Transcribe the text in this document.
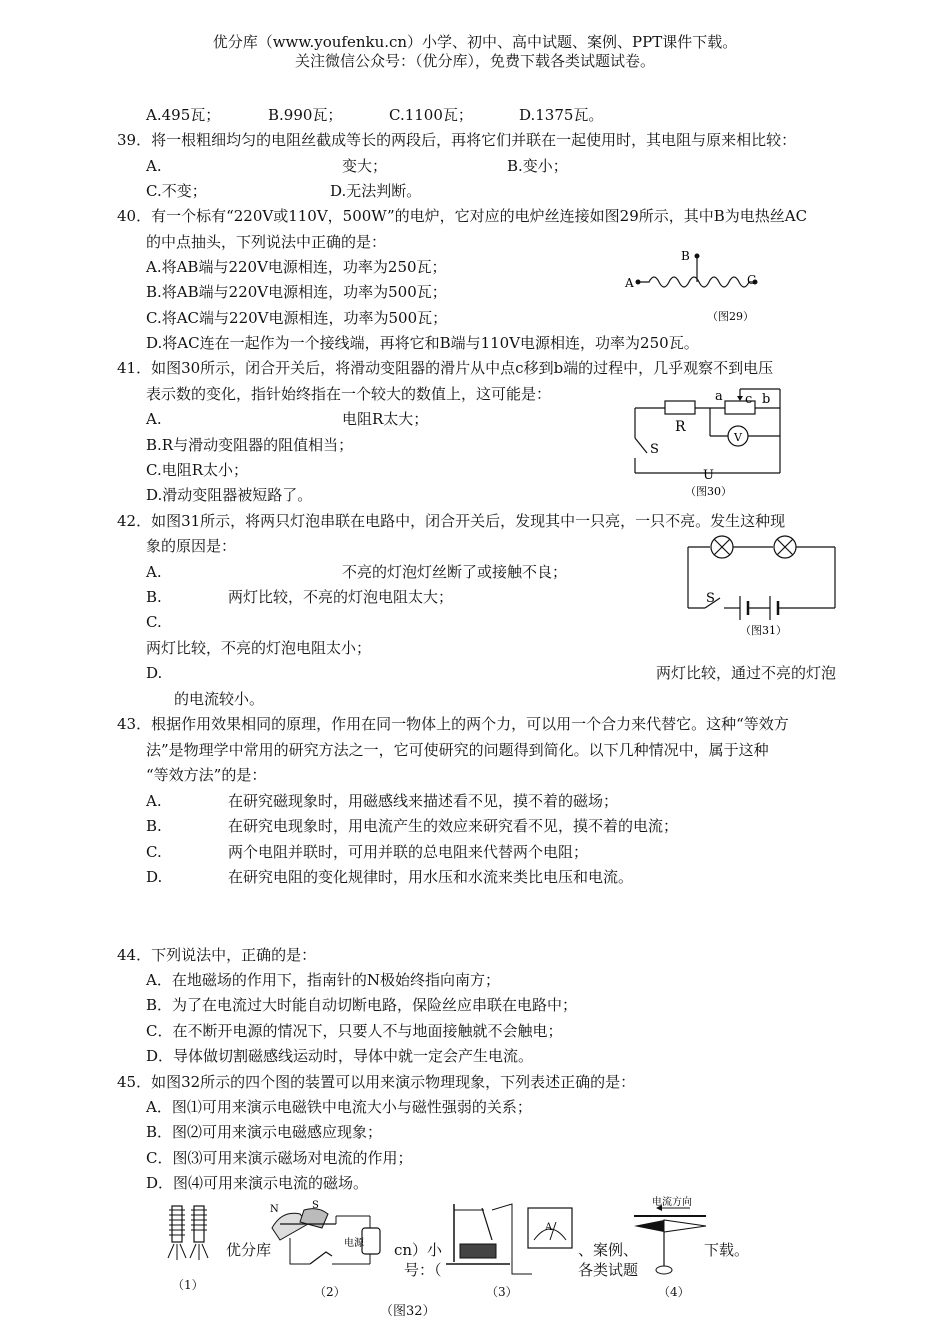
优分库（www.youfenku.cn）小学、初中、高中试题、案例、PPT课件下载。
关注微信公众号：（优分库），免费下载各类试题试卷。
A.495瓦；	B.990瓦；	C.1100瓦；	D.1375瓦。
39．将一根粗细均匀的电阻丝截成等长的两段后，再将它们并联在一起使用时，其电阻与原来相比较：
A.	变大；	B.变小；
C.不变；	D.无法判断。
40．有一个标有“220V或110V，500W”的电炉，它对应的电炉丝连接如图29所示，其中B为电热丝AC
的中点抽头，下列说法中正确的是：
A.将AB端与220V电源相连，功率为250瓦；
B.将AB端与220V电源相连，功率为500瓦；
C.将AC端与220V电源相连，功率为500瓦；
D.将AC连在一起作为一个接线端，再将它和B端与110V电源相连，功率为250瓦。
A
B
C
（图29）
41．如图30所示，闭合开关后，将滑动变阻器的滑片从中点c移到b端的过程中，几乎观察不到电压
表示数的变化，指针始终指在一个较大的数值上，这可能是：
A.	电阻R太大；
B.R与滑动变阻器的阻值相当；
C.电阻R太小；
D.滑动变阻器被短路了。
R
a c b
V
S
U
（图30）
42．如图31所示，将两只灯泡串联在电路中，闭合开关后，发现其中一只亮，一只不亮。发生这种现
象的原因是：
A.	不亮的灯泡灯丝断了或接触不良；
B.	两灯比较，不亮的灯泡电阻太大；
C.
两灯比较，不亮的灯泡电阻太小；
D.	两灯比较，通过不亮的灯泡
的电流较小。
S
（图31）
43．根据作用效果相同的原理，作用在同一物体上的两个力，可以用一个合力来代替它。这种“等效方
法”是物理学中常用的研究方法之一，它可使研究的问题得到简化。以下几种情况中，属于这种
“等效方法”的是：
A.	在研究磁现象时，用磁感线来描述看不见，摸不着的磁场；
B.	在研究电现象时，用电流产生的效应来研究看不见，摸不着的电流；
C.	两个电阻并联时，可用并联的总电阻来代替两个电阻；
D.	在研究电阻的变化规律时，用水压和水流来类比电压和电流。
44．下列说法中，正确的是：
A．在地磁场的作用下，指南针的N极始终指向南方；
B．为了在电流过大时能自动切断电路，保险丝应串联在电路中；
C．在不断开电源的情况下，只要人不与地面接触就不会触电；
D．导体做切割磁感线运动时，导体中就一定会产生电流。
45．如图32所示的四个图的装置可以用来演示物理现象，下列表述正确的是：
A．图⑴可用来演示电磁铁中电流大小与磁性强弱的关系；
B．图⑵可用来演示电磁感应现象；
C．图⑶可用来演示磁场对电流的作用；
D．图⑷可用来演示电流的磁场。
（1）
N	S
电源
（2）
A
（3）
电流方向
（4）
（图32）
优分库	cn）小
号：（
、案例、
各类试题
下载。
